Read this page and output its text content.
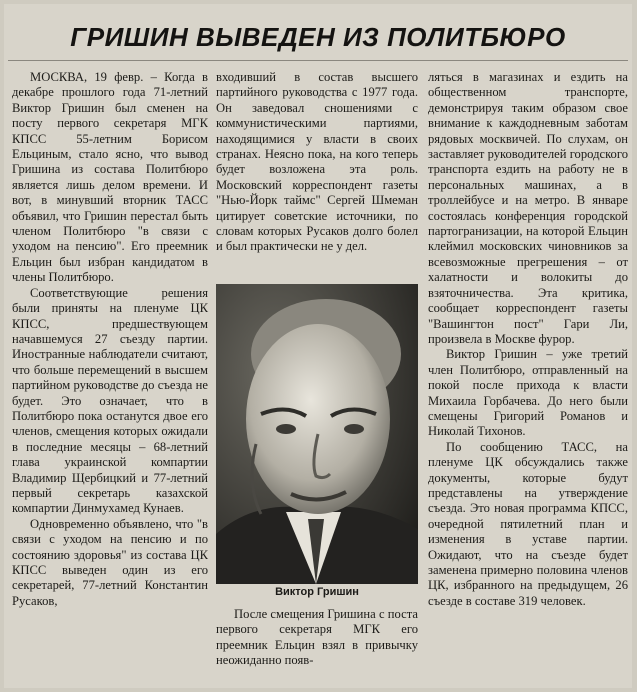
ГРИШИН ВЫВЕДЕН ИЗ ПОЛИТБЮРО

МОСКВА, 19 февр. – Когда в декабре прошлого года 71-летний Виктор Гришин был сменен на посту первого секретаря МГК КПСС 55-летним Борисом Ельциным, стало ясно, что вывод Гришина из состава Политбюро является лишь делом времени. И вот, в минувший вторник ТАСС объявил, что Гришин перестал быть членом Политбюро "в связи с уходом на пенсию". Его преемник Ельцин был избран кандидатом в члены Политбюро.

Соответствующие решения были приняты на пленуме ЦК КПСС, предшествующем начавшемуся 27 съезду партии. Иностранные наблюдатели считают, что больше перемещений в высшем партийном руководстве до съезда не будет. Это означает, что в Политбюро пока останутся двое его членов, смещения которых ожидали в последние месяцы – 68-летний глава украинской компартии Владимир Щербицкий и 77-летний первый секретарь казахской компартии Динмухамед Кунаев.

Одновременно объявлено, что "в связи с уходом на пенсию и по состоянию здоровья" из состава ЦК КПСС выведен один из его секретарей, 77-летний Константин Русаков,

входивший в состав высшего партийного руководства с 1977 года. Он заведовал сношениями с коммунистическими партиями, находящимися у власти в своих странах. Неясно пока, на кого теперь будет возложена эта роль. Московский корреспондент газеты "Нью-Йорк таймс" Сергей Шмеман цитирует советские источники, по словам которых Русаков долго болел и был практически не у дел.

Виктор Гришин

После смещения Гришина с поста первого секретаря МГК его преемник Ельцин взял в привычку неожиданно появ-

ляться в магазинах и ездить на общественном транспорте, демонстрируя таким образом свое внимание к каждодневным заботам рядовых москвичей. По слухам, он заставляет руководителей городского транспорта ездить на работу не в персональных машинах, а в троллейбусе и на метро. В январе состоялась конференция городской партогранизации, на которой Ельцин клеймил московских чиновников за всевозможные прегрешения – от халатности и волокиты до взяточничества. Эта критика, сообщает корреспондент газеты "Вашингтон пост" Гари Ли, произвела в Москве фурор.

Виктор Гришин – уже третий член Политбюро, отправленный на покой после прихода к власти Михаила Горбачева. До него были смещены Григорий Романов и Николай Тихонов.

По сообщению ТАСС, на пленуме ЦК обсуждались также документы, которые будут представлены на утверждение съезда. Это новая программа КПСС, очередной пятилетний план и изменения в уставе партии. Ожидают, что на съезде будет заменена примерно половина членов ЦК, избранного на предыдущем, 26 съезде в составе 319 человек.
